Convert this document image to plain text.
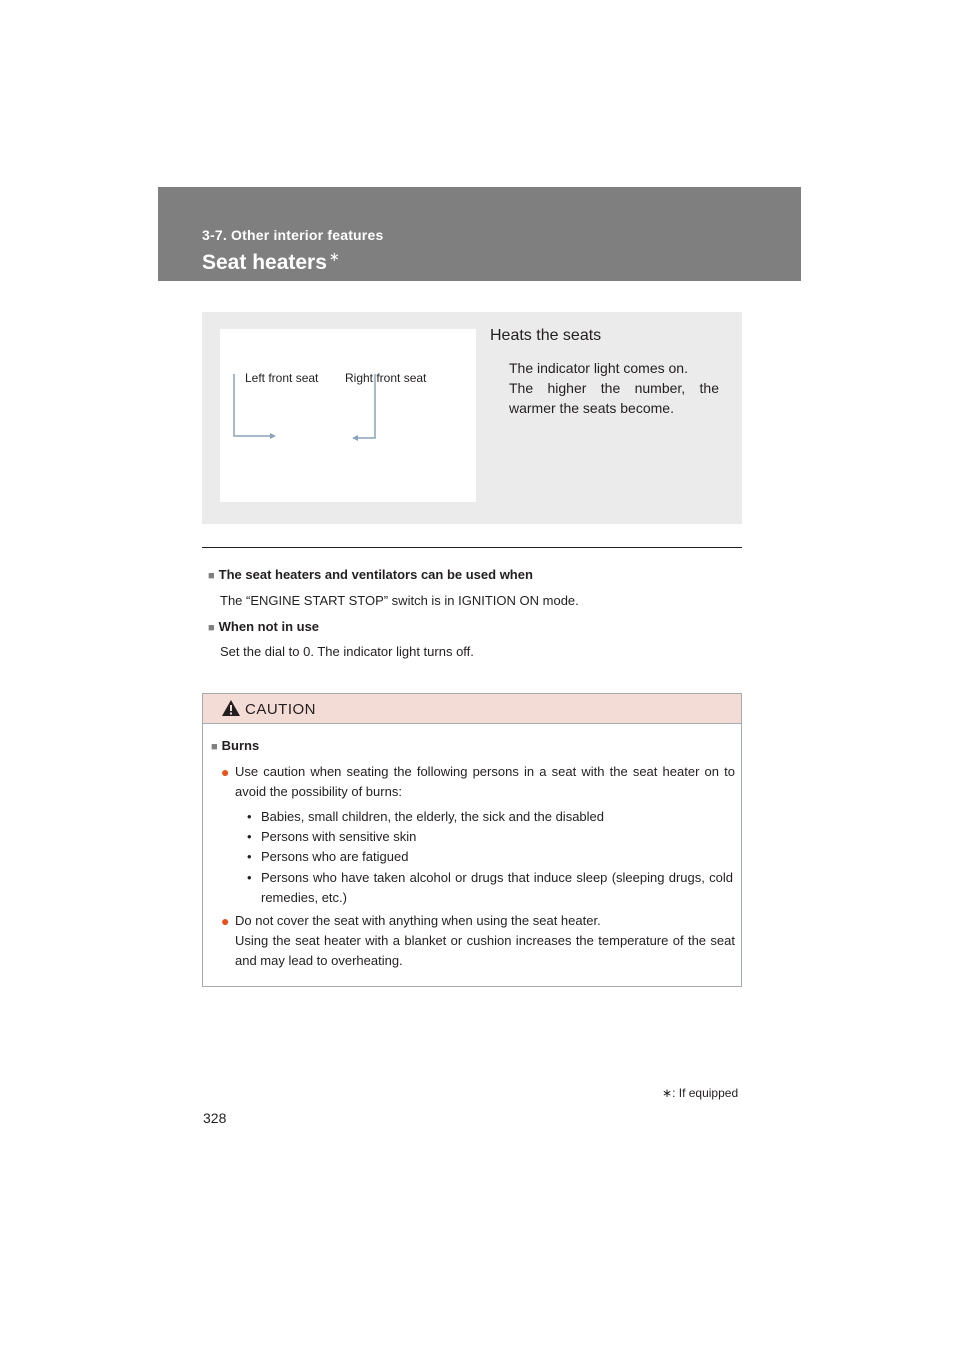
3-7. Other interior features
Seat heaters ∗
Left front seat Right front seat
Heats the seats
The indicator light comes on.
The higher the number, the
warmer the seats become.
■ The seat heaters and ventilators can be used when
The “ENGINE START STOP” switch is in IGNITION ON mode.
■ When not in use
Set the dial to 0. The indicator light turns off.
CAUTION
■ Burns
● Use caution when seating the following persons in a seat with the seat heater on to avoid the possibility of burns:
• Babies, small children, the elderly, the sick and the disabled
• Persons with sensitive skin
• Persons who are fatigued
• Persons who have taken alcohol or drugs that induce sleep (sleeping drugs, cold remedies, etc.)
● Do not cover the seat with anything when using the seat heater.
Using the seat heater with a blanket or cushion increases the temperature of the seat and may lead to overheating.
∗: If equipped
328
